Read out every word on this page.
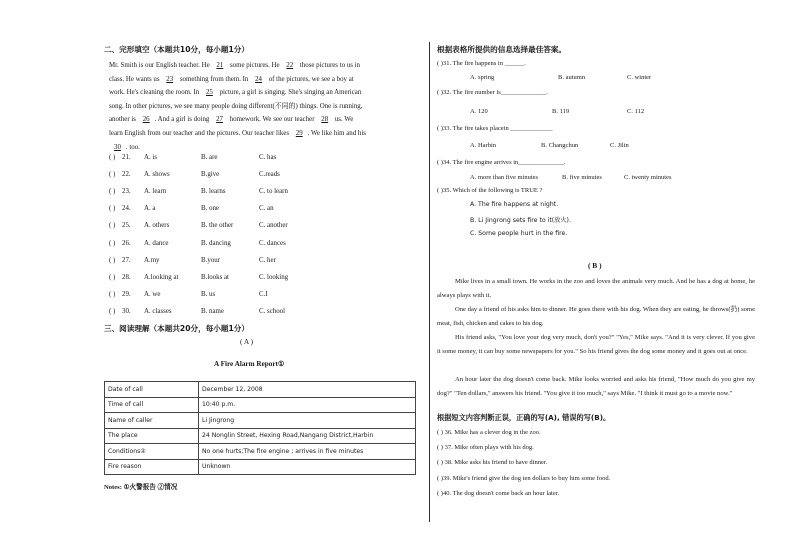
二、完形填空（本题共10分，每小题1分）
Mr. Smith is our English teacher. He 21 some pictures. He 22 those pictures to us in
class. He wants us 23 something from them. In 24 of the pictures, we see a boy at
work. He's cleaning the room. In 25 picture, a girl is singing. She's singing an American
song. In other pictures, we see many people doing different(不同的) things. One is running,
another is 26 . And a girl is doing 27 homework. We see our teacher 28 us. We
learn English from our teacher and the pictures. Our teacher likes 29 . We like him and his
30 . too.
( ) 21. A. is	B. are	C. has
( ) 22. A. shows	B.give	C.reads
( ) 23. A. learn	B. learns	C. to learn
( ) 24. A. a	B. one	C. an
( ) 25. A. others	B. the other	C. another
( ) 26. A. dance	B. dancing	C. dances
( ) 27. A.my	B.your	C. her
( ) 28. A.looking at	B.looks at	C. looking
( ) 29. A. we	B. us	C.I
( ) 30. A. classes	B. name	C. school
三、阅读理解（本题共20分，每小题1分）
( A )
A Fire Alarm Report①
Date of call	December 12, 2008
Time of call	10:40 p.m.
Name of caller	Li Jingrong
The place	24 Nonglin Street, Hexing Road,Nangang District,Harbin
Conditions②	No one hurts;The fire engine ; arrives in five minutes
Fire reason	Unknown
Notes: ①火警报告 ②情况
根据表格所提供的信息选择最佳答案。
( )31. The fire happens in ______.
A. spring	B. autumn	C. winter
( )32. The fire number is______________.
A. 120	B. 119	C. 112
( )33. The fire takes placein _____________
A. Harbin	B. Changchun	C. Jilin
( )34. The fire engine arrives in______________.
A. more than five minutes	B. five minutes	C. twenty minutes
( )35. Which of the following is TRUE ?
A. The fire happens at night.
B. Li Jingrong sets fire to it(放火).
C. Some people hurt in the fire.
( B )
Mike lives in a small town. He works in the zoo and loves the animals very much. And he has a dog at home, he always plays with it.
One day a friend of his asks him to dinner. He goes there with his dog. When they are eating, he throws(扔) some meat, fish, chicken and cakes to his dog.
His friend asks, "You love your dog very much, don't you?" "Yes," Mike says. "And it is very clever. If you give it some money, it can buy some newspapers for you." So his friend gives the dog some money and it goes out at once.
An hour later the dog doesn't come back. Mike looks worried and asks his friend, "How much do you give my dog?" "Ten dollars," answers his friend. "You give it too much," says Mike. "I think it must go to a movie now."
根据短文内容判断正误，正确的写(A), 错误的写(B)。
( ) 36. Mike has a clever dog in the zoo.
( ) 37. Mike often plays with his dog.
( ) 38. Mike asks his friend to have dinner.
( )39. Mike's friend give the dog ten dollars to buy him some food.
( )40. The dog doesn't come back an hour later.
